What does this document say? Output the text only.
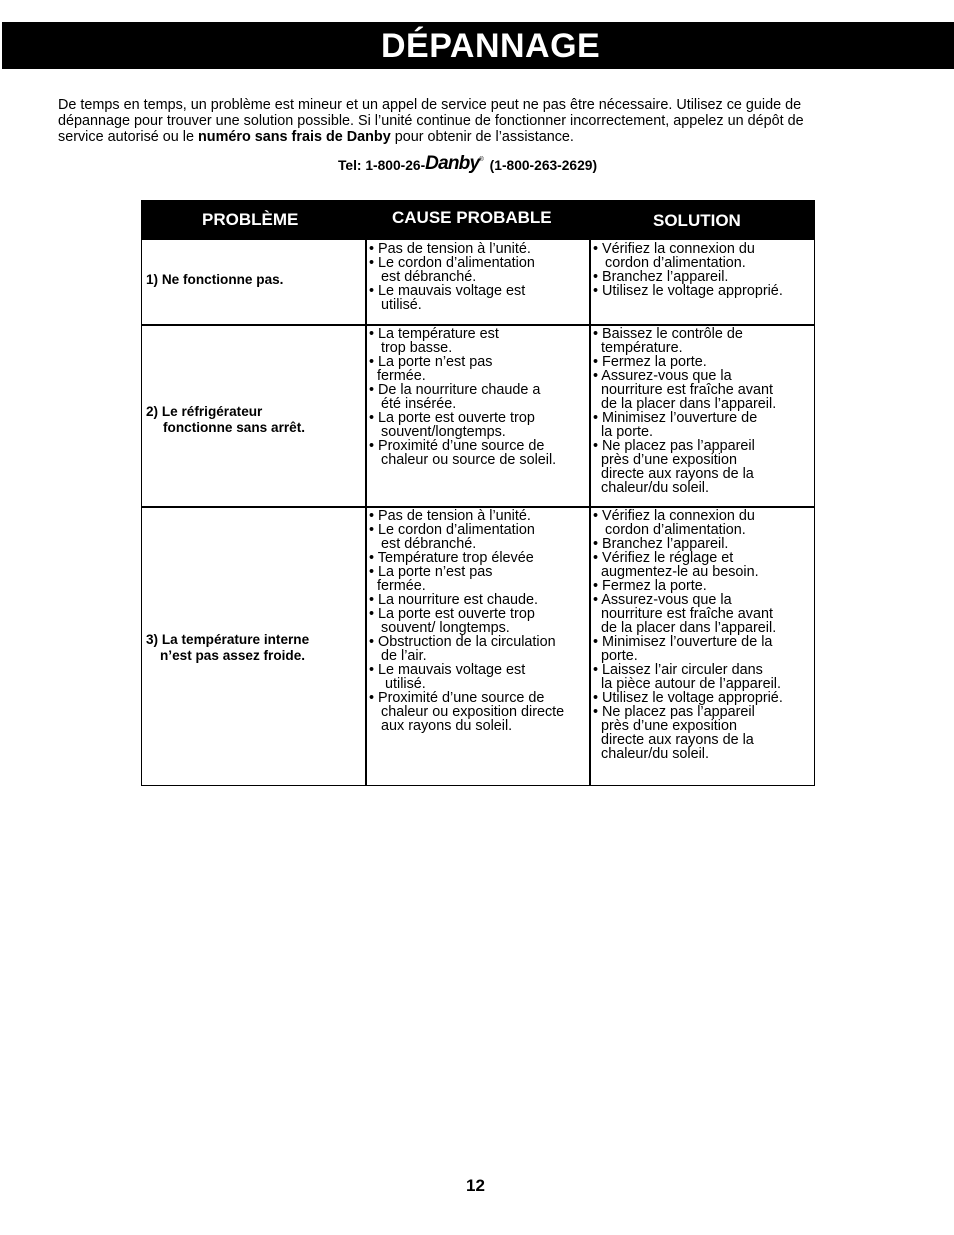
DÉPANNAGE
De temps en temps, un problème est mineur et un appel de service peut ne pas être nécessaire. Utilisez ce guide de
dépannage pour trouver une solution possible. Si l’unité continue de fonctionner incorrectement, appelez un dépôt de
service autorisé ou le numéro sans frais de Danby pour obtenir de l’assistance.
Tel: 1-800-26-Danby® (1-800-263-2629)
PROBLÈME	CAUSE PROBABLE	SOLUTION
1) Ne fonctionne pas.
• Pas de tension à l’unité.
• Le cordon d’alimentation
est débranché.
• Le mauvais voltage est
utilisé.
• Vérifiez la connexion du
cordon d’alimentation.
• Branchez l’appareil.
• Utilisez le voltage approprié.
2) Le réfrigérateur
fonctionne sans arrêt.
• La température est
trop basse.
• La porte n’est pas
fermée.
• De la nourriture chaude a
été insérée.
• La porte est ouverte trop
souvent/longtemps.
• Proximité d’une source de
chaleur ou source de soleil.
• Baissez le contrôle de
température.
• Fermez la porte.
• Assurez-vous que la
nourriture est fraîche avant
de la placer dans l’appareil.
• Minimisez l’ouverture de
la porte.
• Ne placez pas l’appareil
près d’une exposition
directe aux rayons de la
chaleur/du soleil.
3) La température interne
n’est pas assez froide.
• Pas de tension à l’unité.
• Le cordon d’alimentation
est débranché.
• Température trop élevée
• La porte n’est pas
fermée.
• La nourriture est chaude.
• La porte est ouverte trop
souvent/ longtemps.
• Obstruction de la circulation
de l’air.
• Le mauvais voltage est
utilisé.
• Proximité d’une source de
chaleur ou exposition directe
aux rayons du soleil.
• Vérifiez la connexion du
cordon d’alimentation.
• Branchez l’appareil.
• Vérifiez le réglage et
augmentez-le au besoin.
• Fermez la porte.
• Assurez-vous que la
nourriture est fraîche avant
de la placer dans l’appareil.
• Minimisez l’ouverture de la
porte.
• Laissez l’air circuler dans
la pièce autour de l’appareil.
• Utilisez le voltage approprié.
• Ne placez pas l’appareil
près d’une exposition
directe aux rayons de la
chaleur/du soleil.
12
